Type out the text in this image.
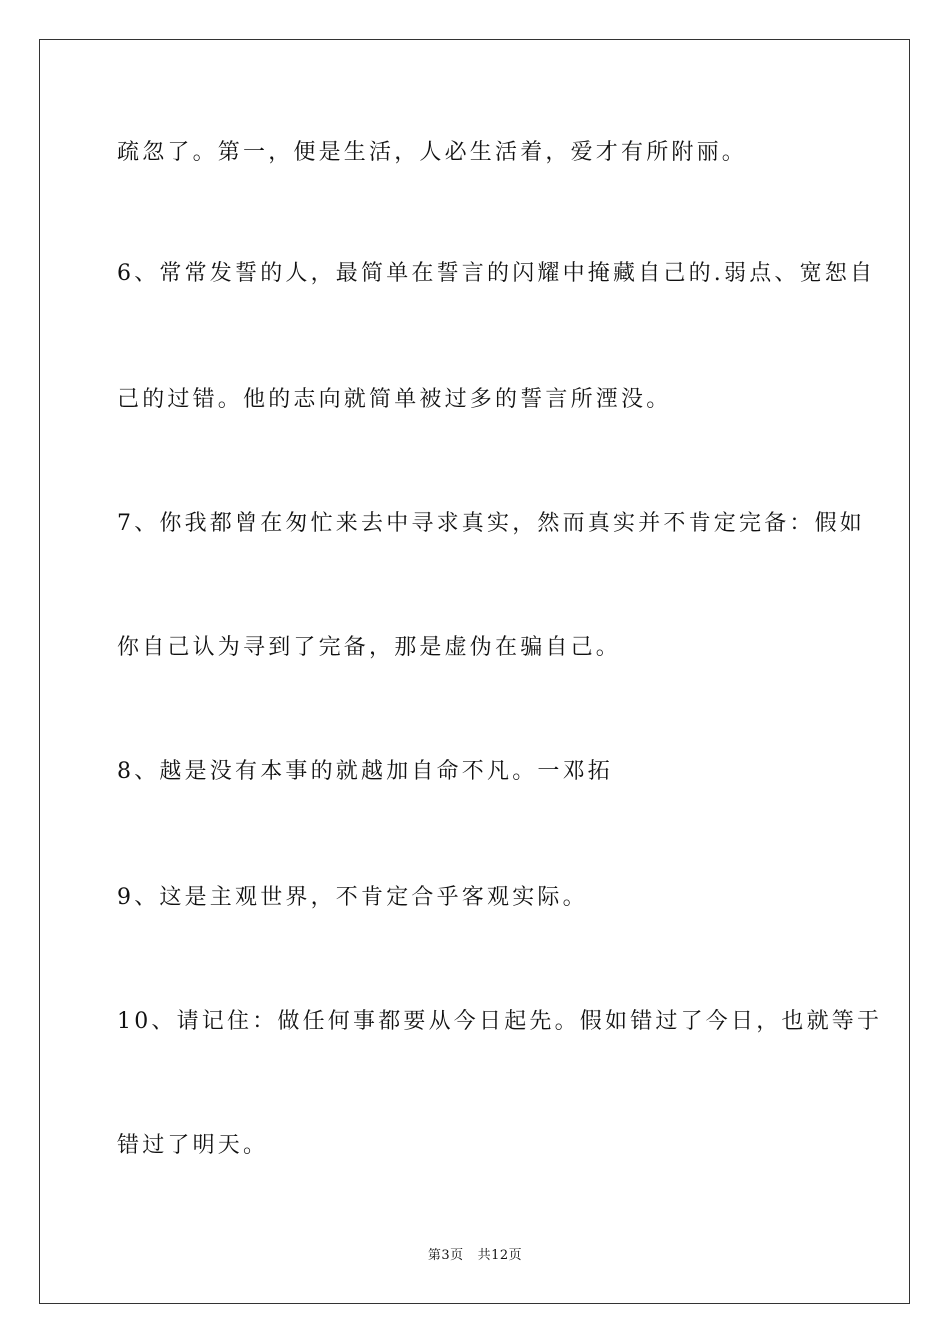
疏忽了。第一，便是生活，人必生活着，爱才有所附丽。
6、常常发誓的人，最简单在誓言的闪耀中掩藏自己的.弱点、宽恕自
己的过错。他的志向就简单被过多的誓言所湮没。
7、你我都曾在匆忙来去中寻求真实，然而真实并不肯定完备：假如
你自己认为寻到了完备，那是虚伪在骗自己。
8、越是没有本事的就越加自命不凡。一邓拓
9、这是主观世界，不肯定合乎客观实际。
10、请记住：做任何事都要从今日起先。假如错过了今日，也就等于
错过了明天。
第3页 共12页
